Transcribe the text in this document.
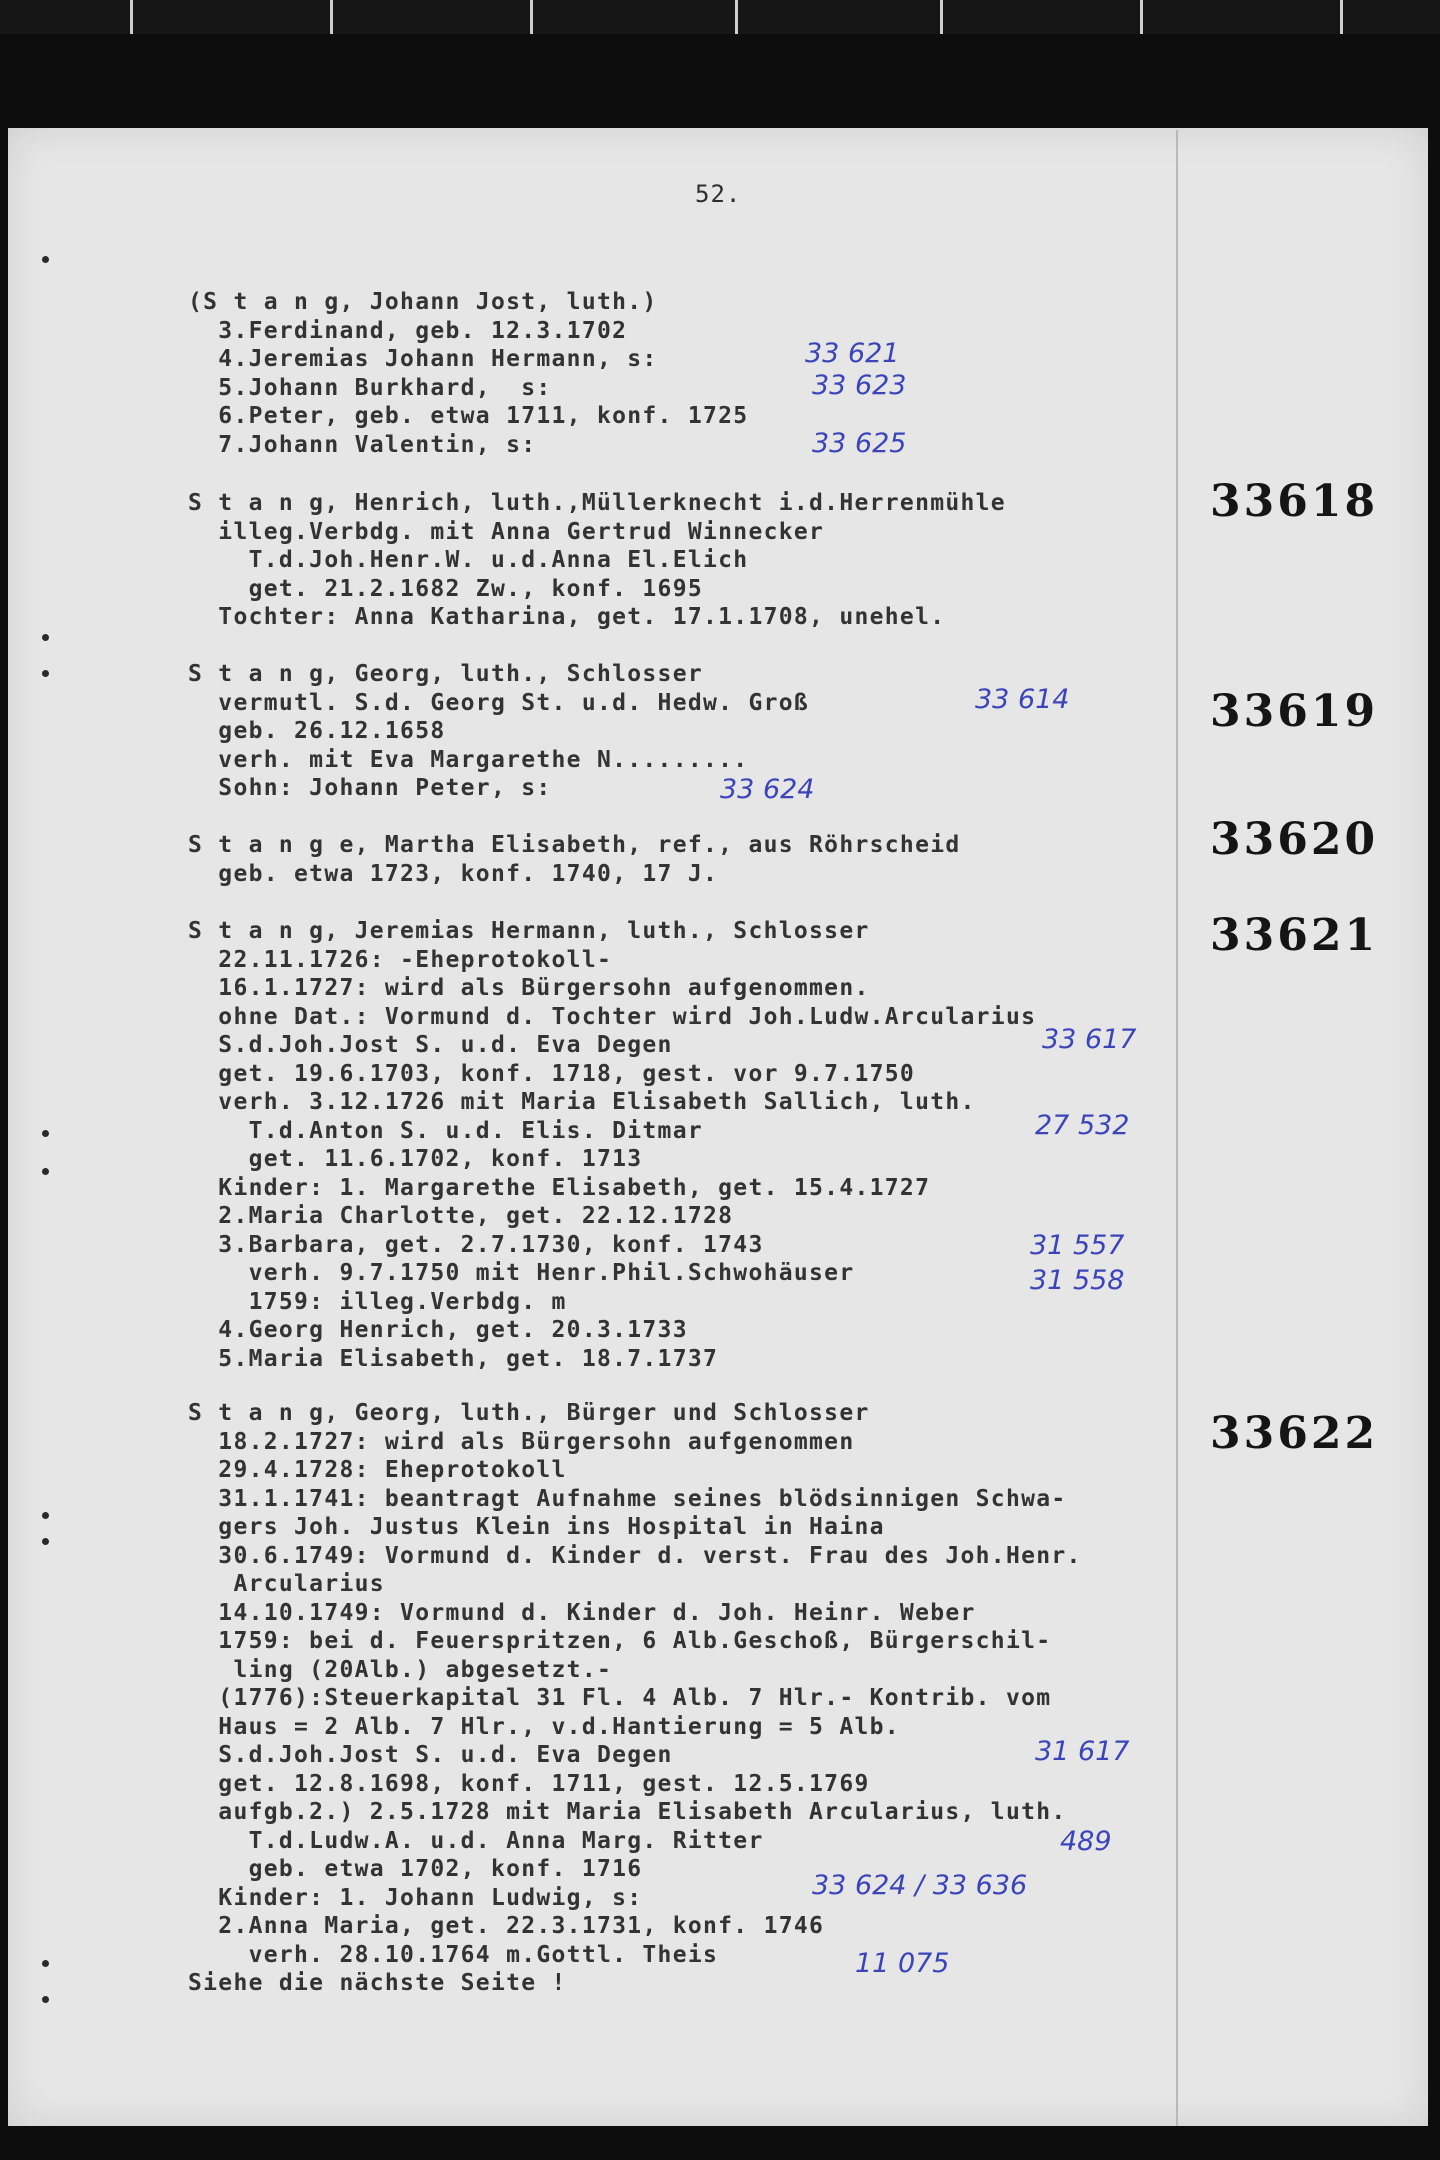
52.
(S t a n g, Johann Jost, luth.)
3.Ferdinand, geb. 12.3.1702
4.Jeremias Johann Hermann, s:
5.Johann Burkhard,  s:
6.Peter, geb. etwa 1711, konf. 1725
7.Johann Valentin, s:
S t a n g, Henrich, luth.,Müllerknecht i.d.Herrenmühle
illeg.Verbdg. mit Anna Gertrud Winnecker
T.d.Joh.Henr.W. u.d.Anna El.Elich
get. 21.2.1682 Zw., konf. 1695
Tochter: Anna Katharina, get. 17.1.1708, unehel.
S t a n g, Georg, luth., Schlosser
vermutl. S.d. Georg St. u.d. Hedw. Groß
geb. 26.12.1658
verh. mit Eva Margarethe N.........
Sohn: Johann Peter, s:
S t a n g e, Martha Elisabeth, ref., aus Röhrscheid
geb. etwa 1723, konf. 1740, 17 J.
S t a n g, Jeremias Hermann, luth., Schlosser
22.11.1726: -Eheprotokoll-
16.1.1727: wird als Bürgersohn aufgenommen.
ohne Dat.: Vormund d. Tochter wird Joh.Ludw.Arcularius
S.d.Joh.Jost S. u.d. Eva Degen
get. 19.6.1703, konf. 1718, gest. vor 9.7.1750
verh. 3.12.1726 mit Maria Elisabeth Sallich, luth.
T.d.Anton S. u.d. Elis. Ditmar
get. 11.6.1702, konf. 1713
Kinder: 1. Margarethe Elisabeth, get. 15.4.1727
2.Maria Charlotte, get. 22.12.1728
3.Barbara, get. 2.7.1730, konf. 1743
verh. 9.7.1750 mit Henr.Phil.Schwohäuser
1759: illeg.Verbdg. m
4.Georg Henrich, get. 20.3.1733
5.Maria Elisabeth, get. 18.7.1737
S t a n g, Georg, luth., Bürger und Schlosser
18.2.1727: wird als Bürgersohn aufgenommen
29.4.1728: Eheprotokoll
31.1.1741: beantragt Aufnahme seines blödsinnigen Schwa-
gers Joh. Justus Klein ins Hospital in Haina
30.6.1749: Vormund d. Kinder d. verst. Frau des Joh.Henr.
Arcularius
14.10.1749: Vormund d. Kinder d. Joh. Heinr. Weber
1759: bei d. Feuerspritzen, 6 Alb.Geschoß, Bürgerschil-
ling (20Alb.) abgesetzt.-
(1776):Steuerkapital 31 Fl. 4 Alb. 7 Hlr.- Kontrib. vom
Haus = 2 Alb. 7 Hlr., v.d.Hantierung = 5 Alb.
S.d.Joh.Jost S. u.d. Eva Degen
get. 12.8.1698, konf. 1711, gest. 12.5.1769
aufgb.2.) 2.5.1728 mit Maria Elisabeth Arcularius, luth.
T.d.Ludw.A. u.d. Anna Marg. Ritter
geb. etwa 1702, konf. 1716
Kinder: 1. Johann Ludwig, s:
2.Anna Maria, get. 22.3.1731, konf. 1746
verh. 28.10.1764 m.Gottl. Theis
Siehe die nächste Seite !
33618
33619
33620
33621
33622
33 621
33 623
33 625
33 614
33 624
33 617
27 532
31 557
31 558
31 617
489
33 624 / 33 636
11 075
